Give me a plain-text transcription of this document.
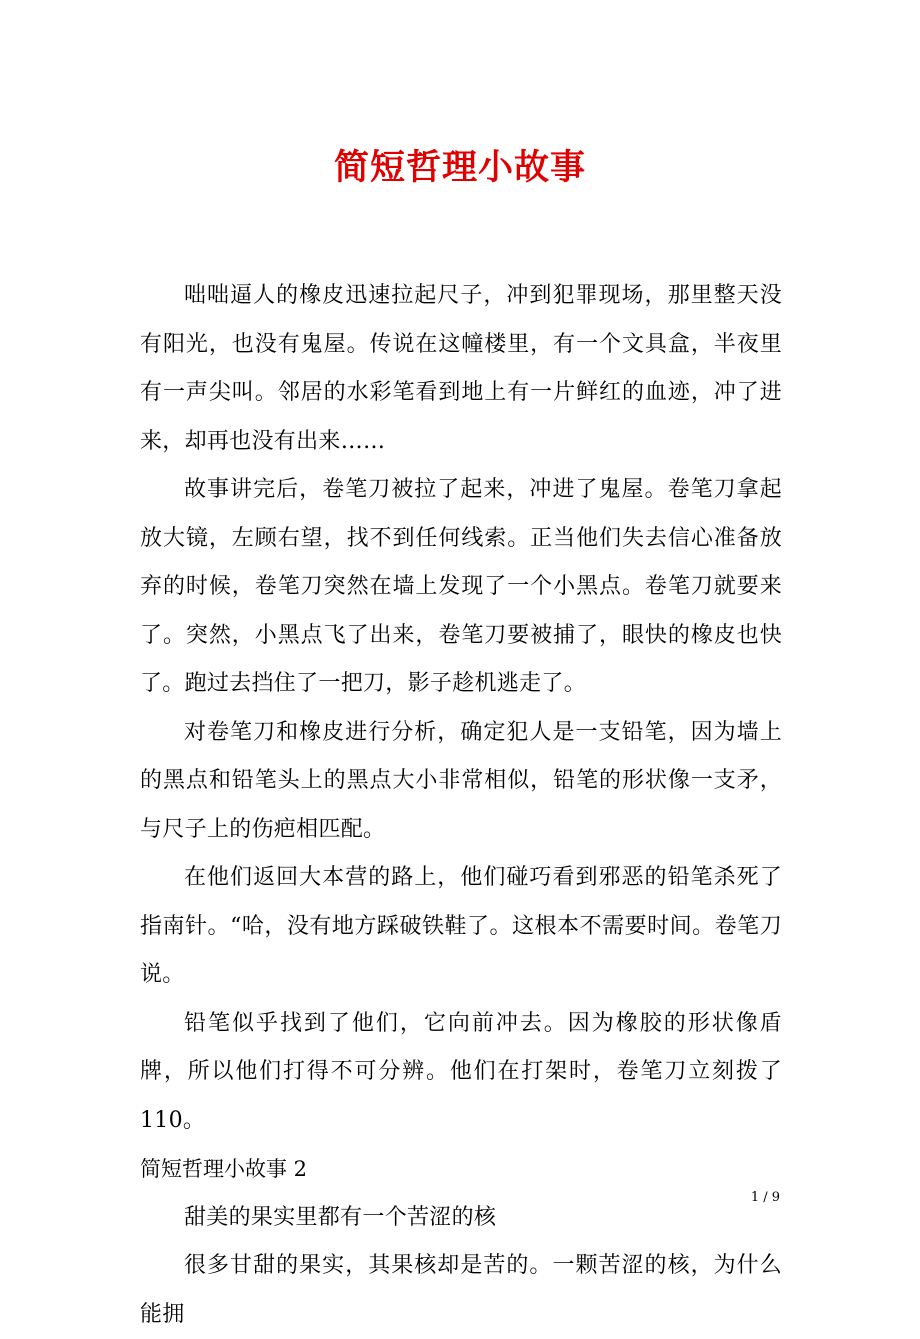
简短哲理小故事

咄咄逼人的橡皮迅速拉起尺子，冲到犯罪现场，那里整天没有阳光，也没有鬼屋。传说在这幢楼里，有一个文具盒，半夜里有一声尖叫。邻居的水彩笔看到地上有一片鲜红的血迹，冲了进来，却再也没有出来……

故事讲完后，卷笔刀被拉了起来，冲进了鬼屋。卷笔刀拿起放大镜，左顾右望，找不到任何线索。正当他们失去信心准备放弃的时候，卷笔刀突然在墙上发现了一个小黑点。卷笔刀就要来了。突然，小黑点飞了出来，卷笔刀要被捕了，眼快的橡皮也快了。跑过去挡住了一把刀，影子趁机逃走了。

对卷笔刀和橡皮进行分析，确定犯人是一支铅笔，因为墙上的黑点和铅笔头上的黑点大小非常相似，铅笔的形状像一支矛，与尺子上的伤疤相匹配。

在他们返回大本营的路上，他们碰巧看到邪恶的铅笔杀死了指南针。“哈，没有地方踩破铁鞋了。这根本不需要时间。卷笔刀说。

铅笔似乎找到了他们，它向前冲去。因为橡胶的形状像盾牌，所以他们打得不可分辨。他们在打架时，卷笔刀立刻拨了 110。

简短哲理小故事 2

甜美的果实里都有一个苦涩的核

很多甘甜的果实，其果核却是苦的。一颗苦涩的核，为什么能拥

1 / 9
